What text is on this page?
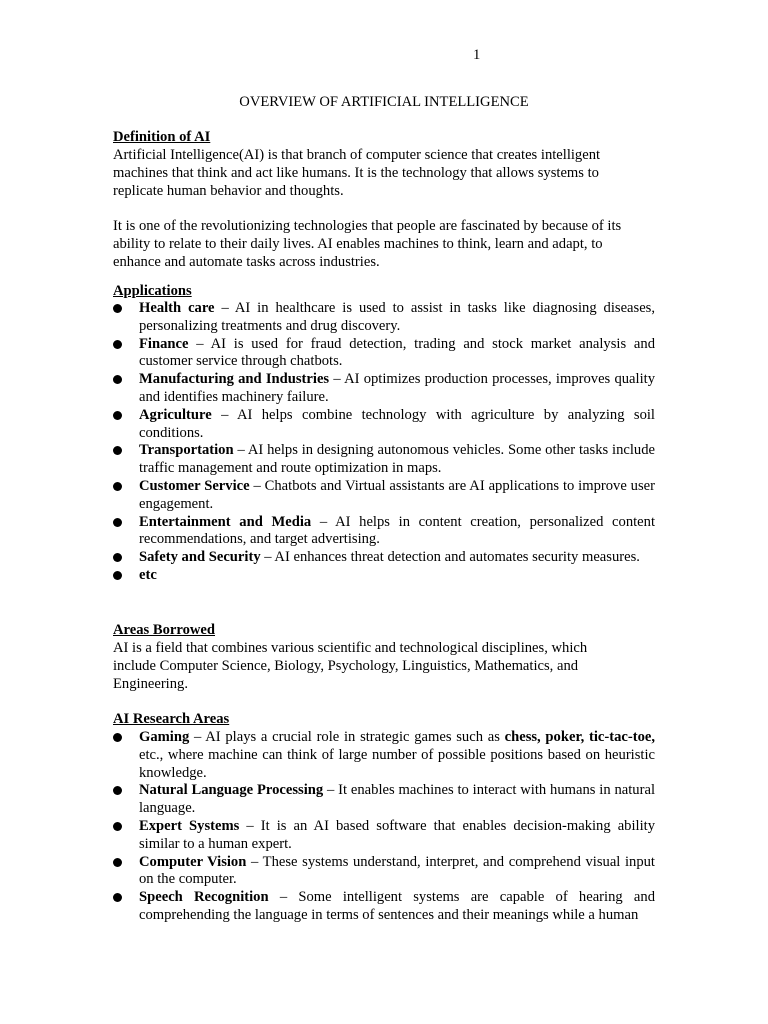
1
OVERVIEW OF ARTIFICIAL INTELLIGENCE
Definition of AI
Artificial Intelligence(AI) is that branch of computer science that creates intelligent machines that think and act like humans. It is the technology that allows systems to replicate human behavior and thoughts.
It is one of the revolutionizing technologies that people are fascinated by because of its ability to relate to their daily lives. AI enables machines to think, learn and adapt, to enhance and automate tasks across industries.
Applications
Health care – AI in healthcare is used to assist in tasks like diagnosing diseases, personalizing treatments and drug discovery.
Finance – AI is used for fraud detection, trading and stock market analysis and customer service through chatbots.
Manufacturing and Industries – AI optimizes production processes, improves quality and identifies machinery failure.
Agriculture – AI helps combine technology with agriculture by analyzing soil conditions.
Transportation – AI helps in designing autonomous vehicles. Some other tasks include traffic management and route optimization in maps.
Customer Service – Chatbots and Virtual assistants are AI applications to improve user engagement.
Entertainment and Media – AI helps in content creation, personalized content recommendations, and target advertising.
Safety and Security – AI enhances threat detection and automates security measures.
etc
Areas Borrowed
AI is a field that combines various scientific and technological disciplines, which include Computer Science, Biology, Psychology, Linguistics, Mathematics, and Engineering.
AI Research Areas
Gaming – AI plays a crucial role in strategic games such as chess, poker, tic-tac-toe, etc., where machine can think of large number of possible positions based on heuristic knowledge.
Natural Language Processing – It enables machines to interact with humans in natural language.
Expert Systems – It is an AI based software that enables decision-making ability similar to a human expert.
Computer Vision – These systems understand, interpret, and comprehend visual input on the computer.
Speech Recognition – Some intelligent systems are capable of hearing and comprehending the language in terms of sentences and their meanings while a human
